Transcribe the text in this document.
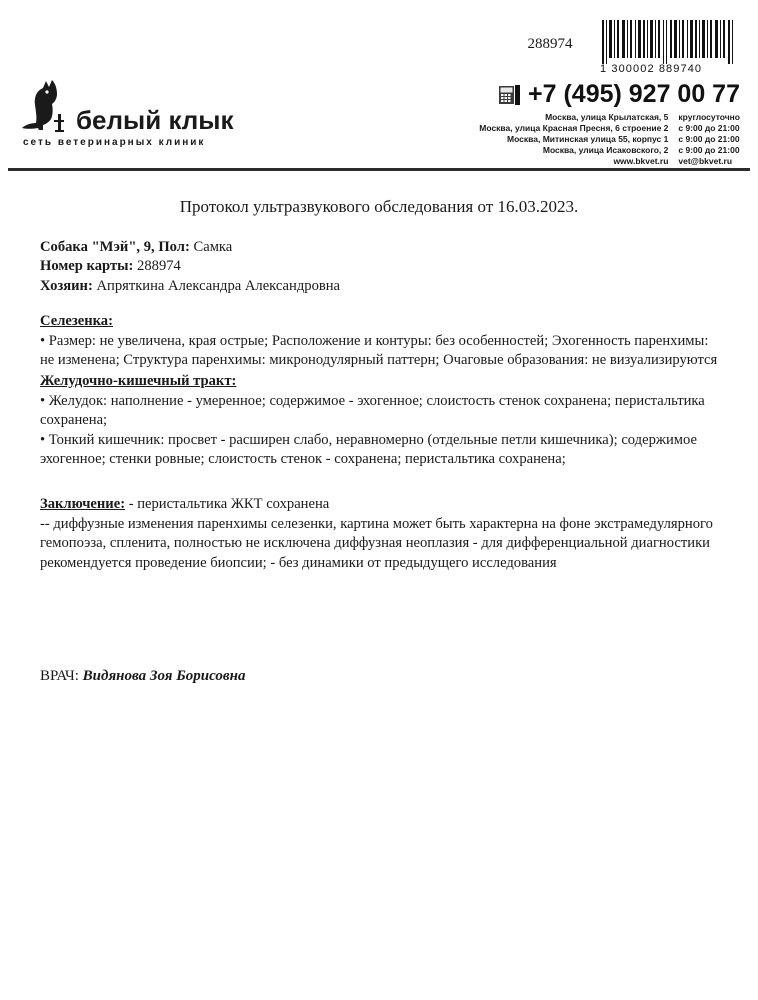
288974
1 300002 889740
белый клык
сеть ветеринарных клиник
+7 (495) 927 00 77
Москва, улица Крылатская, 5	круглосуточно
Москва, улица Красная Пресня, 6 строение 2	с 9:00 до 21:00
Москва, Митинская улица 55, корпус 1	с 9:00 до 21:00
Москва, улица Исаковского, 2	с 9:00 до 21:00
www.bkvet.ru	vet@bkvet.ru
Протокол ультразвукового обследования от 16.03.2023.
Собака "Мэй", 9, Пол: Самка
Номер карты: 288974
Хозяин: Апряткина Александра Александровна
Селезенка:

• Размер: не увеличена, края острые; Расположение и контуры: без особенностей; Эхогенность паренхимы: не изменена; Структура паренхимы: микронодулярный паттерн; Очаговые образования: не визуализируются

Желудочно-кишечный тракт:

• Желудок: наполнение - умеренное; содержимое - эхогенное; слоистость стенок сохранена; перистальтика сохранена;

• Тонкий кишечник: просвет - расширен слабо, неравномерно (отдельные петли кишечника); содержимое эхогенное; стенки ровные; слоистость стенок - сохранена; перистальтика сохранена;

Заключение: - перистальтика ЖКТ сохранена

-- диффузные изменения паренхимы селезенки, картина может быть характерна на фоне экстрамедулярного гемопоэза, спленита, полностью не исключена диффузная неоплазия - для дифференциальной диагностики рекомендуется проведение биопсии; - без динамики от предыдущего исследования

ВРАЧ: Видянова Зоя Борисовна
